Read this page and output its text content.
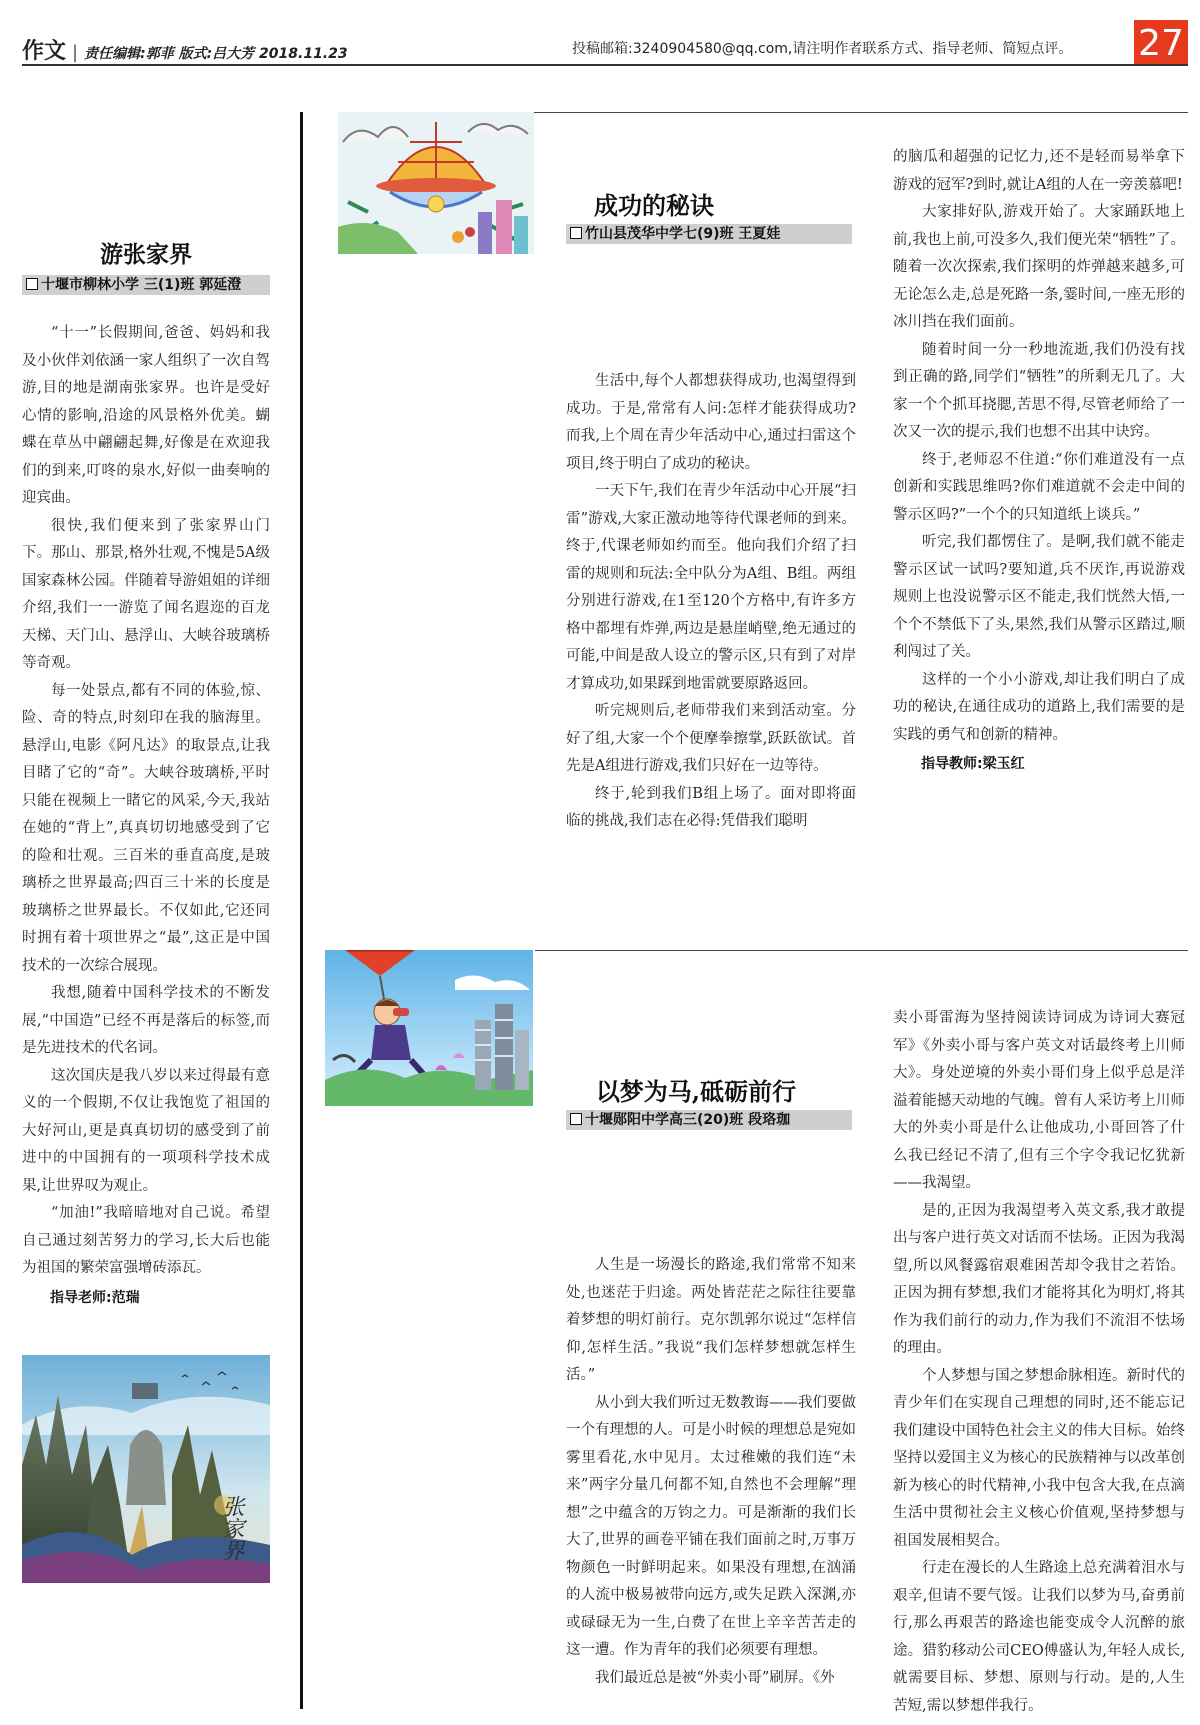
作文 | 责任编辑:郭菲 版式:吕大芳 2018.11.23	投稿邮箱:3240904580@qq.com,请注明作者联系方式、指导老师、简短点评。 27
游张家界
十堰市柳林小学 三(1)班 郭延澄

“十一”长假期间,爸爸、妈妈和我及小伙伴刘依涵一家人组织了一次自驾游,目的地是湖南张家界。也许是受好心情的影响,沿途的风景格外优美。蝴蝶在草丛中翩翩起舞,好像是在欢迎我们的到来,叮咚的泉水,好似一曲奏响的迎宾曲。

很快,我们便来到了张家界山门下。那山、那景,格外壮观,不愧是5A级国家森林公园。伴随着导游姐姐的详细介绍,我们一一游览了闻名遐迩的百龙天梯、天门山、悬浮山、大峡谷玻璃桥等奇观。

每一处景点,都有不同的体验,惊、险、奇的特点,时刻印在我的脑海里。悬浮山,电影《阿凡达》的取景点,让我目睹了它的“奇”。大峡谷玻璃桥,平时只能在视频上一睹它的风采,今天,我站在她的“背上”,真真切切地感受到了它的险和壮观。三百米的垂直高度,是玻璃桥之世界最高;四百三十米的长度是玻璃桥之世界最长。不仅如此,它还同时拥有着十项世界之“最”,这正是中国技术的一次综合展现。

我想,随着中国科学技术的不断发展,“中国造”已经不再是落后的标签,而是先进技术的代名词。

这次国庆是我八岁以来过得最有意义的一个假期,不仅让我饱览了祖国的大好河山,更是真真切切的感受到了前进中的中国拥有的一项项科学技术成果,让世界叹为观止。

“加油!”我暗暗地对自己说。希望自己通过刻苦努力的学习,长大后也能为祖国的繁荣富强增砖添瓦。

指导老师:范瑞
张家界
成功的秘诀
竹山县茂华中学七(9)班 王夏娃

生活中,每个人都想获得成功,也渴望得到成功。于是,常常有人问:怎样才能获得成功?而我,上个周在青少年活动中心,通过扫雷这个项目,终于明白了成功的秘诀。

一天下午,我们在青少年活动中心开展“扫雷”游戏,大家正激动地等待代课老师的到来。终于,代课老师如约而至。他向我们介绍了扫雷的规则和玩法:全中队分为A组、B组。两组分别进行游戏,在1至120个方格中,有许多方格中都埋有炸弹,两边是悬崖峭壁,绝无通过的可能,中间是敌人设立的警示区,只有到了对岸才算成功,如果踩到地雷就要原路返回。

听完规则后,老师带我们来到活动室。分好了组,大家一个个便摩拳擦掌,跃跃欲试。首先是A组进行游戏,我们只好在一边等待。

终于,轮到我们B组上场了。面对即将面临的挑战,我们志在必得:凭借我们聪明

的脑瓜和超强的记忆力,还不是轻而易举拿下游戏的冠军?到时,就让A组的人在一旁羡慕吧!

大家排好队,游戏开始了。大家踊跃地上前,我也上前,可没多久,我们便光荣“牺牲”了。随着一次次探索,我们探明的炸弹越来越多,可无论怎么走,总是死路一条,霎时间,一座无形的冰川挡在我们面前。

随着时间一分一秒地流逝,我们仍没有找到正确的路,同学们“牺牲”的所剩无几了。大家一个个抓耳挠腮,苦思不得,尽管老师给了一次又一次的提示,我们也想不出其中诀窍。

终于,老师忍不住道:“你们难道没有一点创新和实践思维吗?你们难道就不会走中间的警示区吗?”一个个的只知道纸上谈兵。”

听完,我们都愣住了。是啊,我们就不能走警示区试一试吗?要知道,兵不厌诈,再说游戏规则上也没说警示区不能走,我们恍然大悟,一个个不禁低下了头,果然,我们从警示区踏过,顺利闯过了关。

这样的一个小小游戏,却让我们明白了成功的秘诀,在通往成功的道路上,我们需要的是实践的勇气和创新的精神。

指导教师:梁玉红
以梦为马,砥砺前行
十堰郧阳中学高三(20)班 段珞珈

人生是一场漫长的路途,我们常常不知来处,也迷茫于归途。两处皆茫茫之际往往要靠着梦想的明灯前行。克尔凯郭尔说过“怎样信仰,怎样生活。”我说“我们怎样梦想就怎样生活。”

从小到大我们听过无数教诲——我们要做一个有理想的人。可是小时候的理想总是宛如雾里看花,水中见月。太过稚嫩的我们连“未来”两字分量几何都不知,自然也不会理解“理想”之中蕴含的万钧之力。可是渐渐的我们长大了,世界的画卷平铺在我们面前之时,万事万物颜色一时鲜明起来。如果没有理想,在汹涌的人流中极易被带向远方,或失足跌入深渊,亦或碌碌无为一生,白费了在世上辛辛苦苦走的这一遭。作为青年的我们必须要有理想。

我们最近总是被“外卖小哥”刷屏。《外

卖小哥雷海为坚持阅读诗词成为诗词大赛冠军》《外卖小哥与客户英文对话最终考上川师大》。身处逆境的外卖小哥们身上似乎总是洋溢着能撼天动地的气魄。曾有人采访考上川师大的外卖小哥是什么让他成功,小哥回答了什么我已经记不清了,但有三个字令我记忆犹新——我渴望。

是的,正因为我渴望考入英文系,我才敢提出与客户进行英文对话而不怯场。正因为我渴望,所以风餐露宿艰难困苦却令我甘之若饴。正因为拥有梦想,我们才能将其化为明灯,将其作为我们前行的动力,作为我们不流泪不怯场的理由。

个人梦想与国之梦想命脉相连。新时代的青少年们在实现自己理想的同时,还不能忘记我们建设中国特色社会主义的伟大目标。始终坚持以爱国主义为核心的民族精神与以改革创新为核心的时代精神,小我中包含大我,在点滴生活中贯彻社会主义核心价值观,坚持梦想与祖国发展相契合。

行走在漫长的人生路途上总充满着泪水与艰辛,但请不要气馁。让我们以梦为马,奋勇前行,那么再艰苦的路途也能变成令人沉醉的旅途。猎豹移动公司CEO傅盛认为,年轻人成长,就需要目标、梦想、原则与行动。是的,人生苦短,需以梦想伴我行。
